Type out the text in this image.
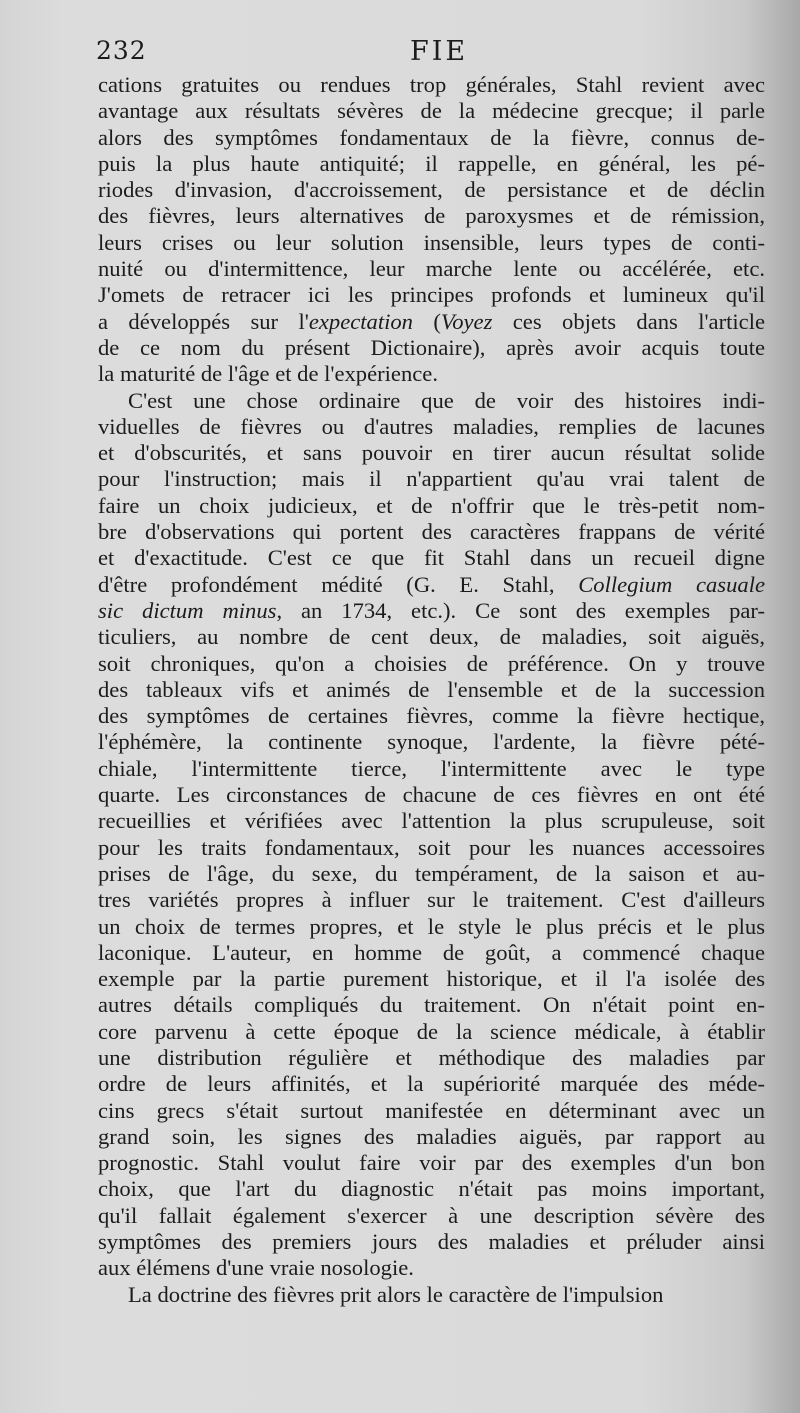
232	FIE

cations gratuites ou rendues trop générales, Stahl revient avec
avantage aux résultats sévères de la médecine grecque; il parle
alors des symptômes fondamentaux de la fièvre, connus de-
puis la plus haute antiquité; il rappelle, en général, les pé-
riodes d'invasion, d'accroissement, de persistance et de déclin
des fièvres, leurs alternatives de paroxysmes et de rémission,
leurs crises ou leur solution insensible, leurs types de conti-
nuité ou d'intermittence, leur marche lente ou accélérée, etc.
J'omets de retracer ici les principes profonds et lumineux qu'il
a développés sur l'expectation (Voyez ces objets dans l'article
de ce nom du présent Dictionaire), après avoir acquis toute
la maturité de l'âge et de l'expérience.

C'est une chose ordinaire que de voir des histoires indi-
viduelles de fièvres ou d'autres maladies, remplies de lacunes
et d'obscurités, et sans pouvoir en tirer aucun résultat solide
pour l'instruction; mais il n'appartient qu'au vrai talent de
faire un choix judicieux, et de n'offrir que le très-petit nom-
bre d'observations qui portent des caractères frappans de vérité
et d'exactitude. C'est ce que fit Stahl dans un recueil digne
d'être profondément médité (G. E. Stahl, Collegium casuale
sic dictum minus, an 1734, etc.). Ce sont des exemples par-
ticuliers, au nombre de cent deux, de maladies, soit aiguës,
soit chroniques, qu'on a choisies de préférence. On y trouve
des tableaux vifs et animés de l'ensemble et de la succession
des symptômes de certaines fièvres, comme la fièvre hectique,
l'éphémère, la continente synoque, l'ardente, la fièvre pété-
chiale, l'intermittente tierce, l'intermittente avec le type
quarte. Les circonstances de chacune de ces fièvres en ont été
recueillies et vérifiées avec l'attention la plus scrupuleuse, soit
pour les traits fondamentaux, soit pour les nuances accessoires
prises de l'âge, du sexe, du tempérament, de la saison et au-
tres variétés propres à influer sur le traitement. C'est d'ailleurs
un choix de termes propres, et le style le plus précis et le plus
laconique. L'auteur, en homme de goût, a commencé chaque
exemple par la partie purement historique, et il l'a isolée des
autres détails compliqués du traitement. On n'était point en-
core parvenu à cette époque de la science médicale, à établir
une distribution régulière et méthodique des maladies par
ordre de leurs affinités, et la supériorité marquée des méde-
cins grecs s'était surtout manifestée en déterminant avec un
grand soin, les signes des maladies aiguës, par rapport au
prognostic. Stahl voulut faire voir par des exemples d'un bon
choix, que l'art du diagnostic n'était pas moins important,
qu'il fallait également s'exercer à une description sévère des
symptômes des premiers jours des maladies et préluder ainsi
aux élémens d'une vraie nosologie.

La doctrine des fièvres prit alors le caractère de l'impulsion
